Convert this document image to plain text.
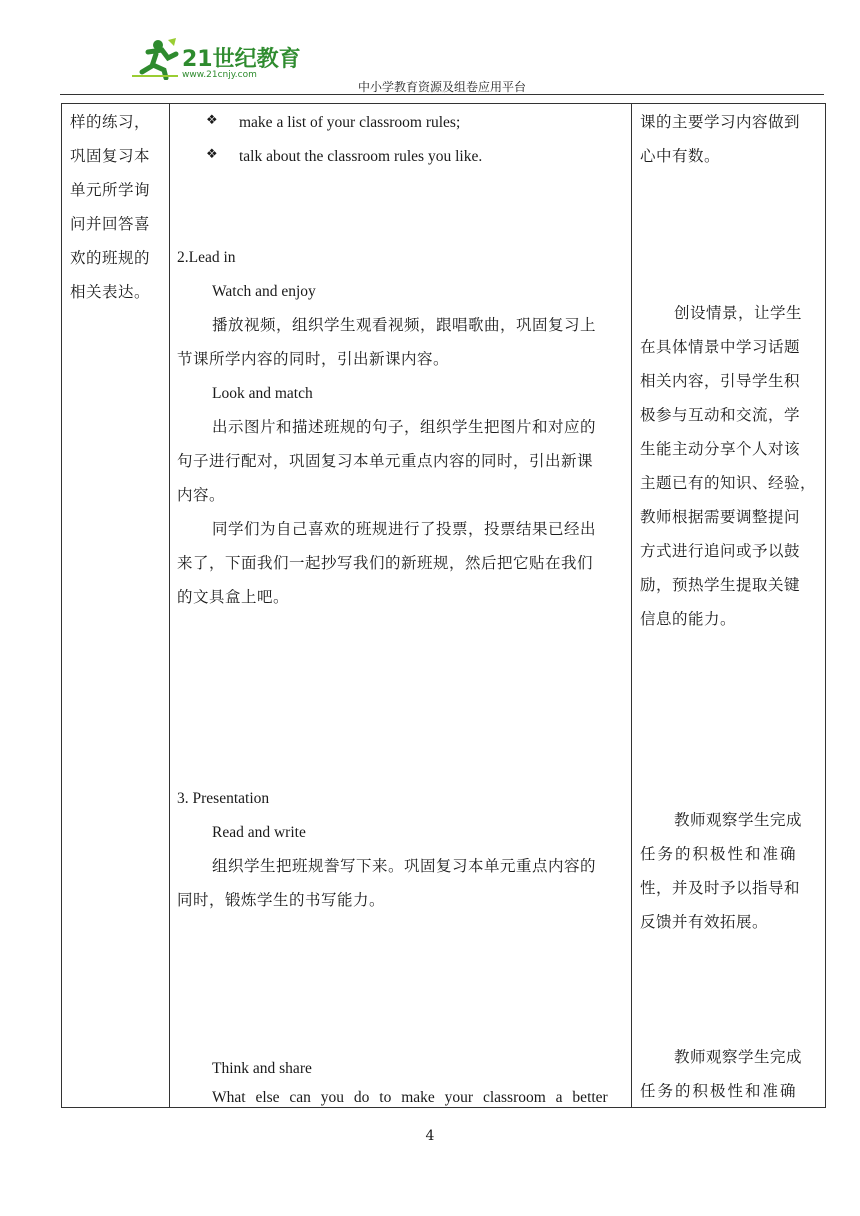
21世纪教育
www.21cnjy.com
中小学教育资源及组卷应用平台
样的练习，
巩固复习本
单元所学询
问并回答喜
欢的班规的
相关表达。

❖ make a list of your classroom rules;
❖ talk about the classroom rules you like.
2.Lead in
Watch and enjoy
播放视频，组织学生观看视频，跟唱歌曲，巩固复习上
节课所学内容的同时，引出新课内容。
Look and match
出示图片和描述班规的句子，组织学生把图片和对应的
句子进行配对，巩固复习本单元重点内容的同时，引出新课
内容。
同学们为自己喜欢的班规进行了投票，投票结果已经出
来了，下面我们一起抄写我们的新班规，然后把它贴在我们
的文具盒上吧。
3. Presentation
Read and write
组织学生把班规誊写下来。巩固复习本单元重点内容的
同时，锻炼学生的书写能力。
Think and share
What else can you do to make your classroom a better

课的主要学习内容做到
心中有数。
创设情景，让学生
在具体情景中学习话题
相关内容，引导学生积
极参与互动和交流，学
生能主动分享个人对该
主题已有的知识、经验，
教师根据需要调整提问
方式进行追问或予以鼓
励，预热学生提取关键
信息的能力。
教师观察学生完成
任务的积极性和准确
性，并及时予以指导和
反馈并有效拓展。
教师观察学生完成
任务的积极性和准确
4
